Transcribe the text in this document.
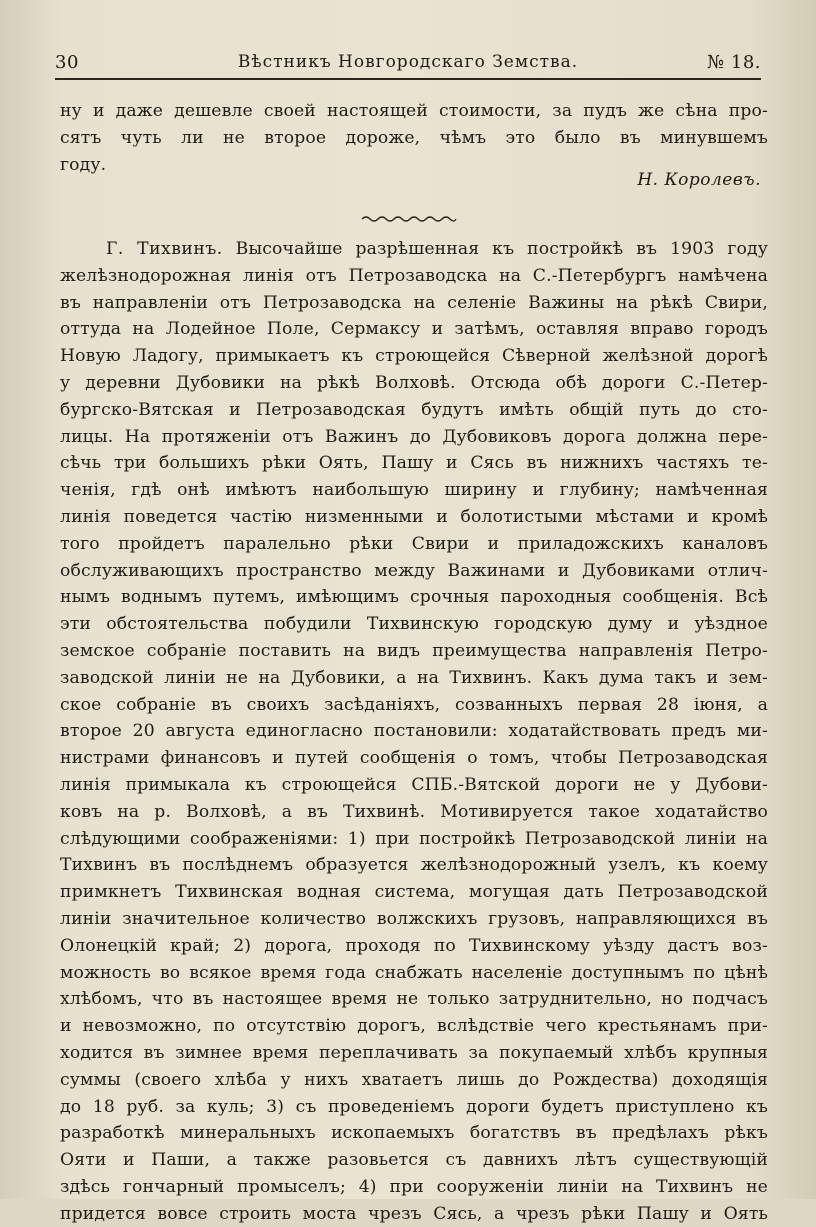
30	Вѣстникъ Новгородскаго Земства.	№ 18.
ну и даже дешевле своей настоящей стоимости, за пудъ же сѣна про-
сятъ чуть ли не второе дороже, чѣмъ это было въ минувшемъ
году.
Н. Королевъ.
Г. Тихвинъ. Высочайше разрѣшенная къ постройкѣ въ 1903 году
желѣзнодорожная линія отъ Петрозаводска на С.-Петербургъ намѣчена
въ направленіи отъ Петрозаводска на селеніе Важины на рѣкѣ Свири,
оттуда на Лодейное Поле, Сермаксу и затѣмъ, оставляя вправо городъ
Новую Ладогу, примыкаетъ къ строющейся Сѣверной желѣзной дорогѣ
у деревни Дубовики на рѣкѣ Волховѣ. Отсюда обѣ дороги С.-Петер-
бургско-Вятская и Петрозаводская будутъ имѣть общій путь до сто-
лицы. На протяженіи отъ Важинъ до Дубовиковъ дорога должна пере-
сѣчь три большихъ рѣки Оять, Пашу и Сясь въ нижнихъ частяхъ те-
ченія, гдѣ онѣ имѣютъ наибольшую ширину и глубину; намѣченная
линія поведется частію низменными и болотистыми мѣстами и кромѣ
того пройдетъ паралельно рѣки Свири и приладожскихъ каналовъ
обслуживающихъ пространство между Важинами и Дубовиками отлич-
нымъ воднымъ путемъ, имѣющимъ срочныя пароходныя сообщенія. Всѣ
эти обстоятельства побудили Тихвинскую городскую думу и уѣздное
земское собраніе поставить на видъ преимущества направленія Петро-
заводской линіи не на Дубовики, а на Тихвинъ. Какъ дума такъ и зем-
ское собраніе въ своихъ засѣданіяхъ, созванныхъ первая 28 іюня, а
второе 20 августа единогласно постановили: ходатайствовать предъ ми-
нистрами финансовъ и путей сообщенія о томъ, чтобы Петрозаводская
линія примыкала къ строющейся СПБ.-Вятской дороги не у Дубови-
ковъ на р. Волховѣ, а въ Тихвинѣ. Мотивируется такое ходатайство
слѣдующими соображеніями: 1) при постройкѣ Петрозаводской линіи на
Тихвинъ въ послѣднемъ образуется желѣзнодорожный узелъ, къ коему
примкнетъ Тихвинская водная система, могущая дать Петрозаводской
линіи значительное количество волжскихъ грузовъ, направляющихся въ
Олонецкій край; 2) дорога, проходя по Тихвинскому уѣзду дастъ воз-
можность во всякое время года снабжать населеніе доступнымъ по цѣнѣ
хлѣбомъ, что въ настоящее время не только затруднительно, но подчасъ
и невозможно, по отсутствію дорогъ, вслѣдствіе чего крестьянамъ при-
ходится въ зимнее время переплачивать за покупаемый хлѣбъ крупныя
суммы (своего хлѣба у нихъ хватаетъ лишь до Рождества) доходящія
до 18 руб. за куль; 3) съ проведеніемъ дороги будетъ приступлено къ
разработкѣ минеральныхъ ископаемыхъ богатствъ въ предѣлахъ рѣкъ
Ояти и Паши, а также разовьется съ давнихъ лѣтъ существующій
здѣсь гончарный промыселъ; 4) при сооруженіи линіи на Тихвинъ не
придется вовсе строить моста чрезъ Сясь, а чрезъ рѣки Пашу и Оять
